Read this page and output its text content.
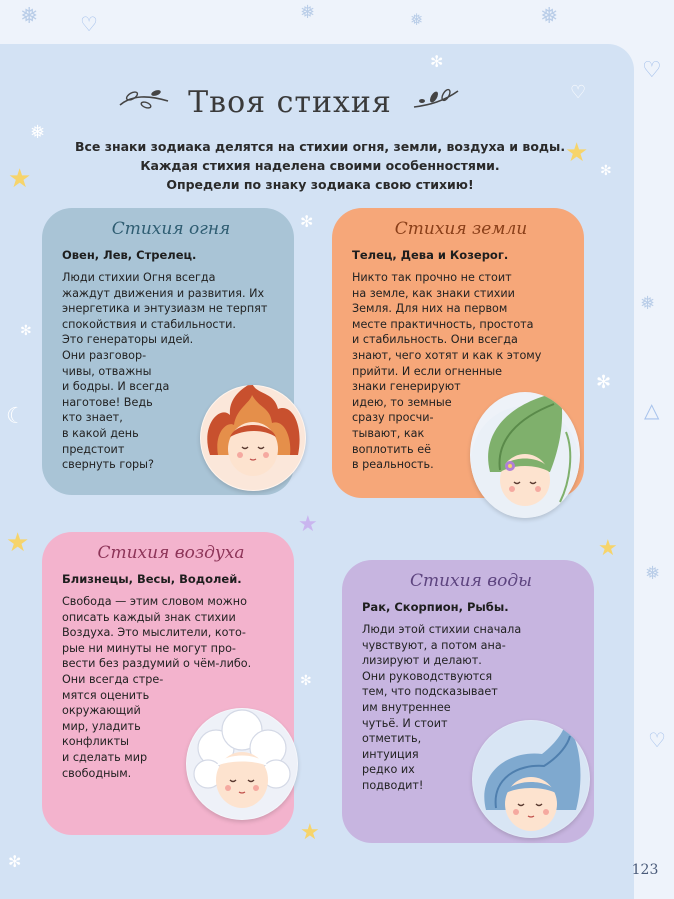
❅	❅	❅	❅
♡
♡
❅
△
❅
♡
❅
✻
✻
✻
✻
☾
✻
✻
✻
♡
★
★
★
★
★
★
Твоя стихия
Все знаки зодиака делятся на стихии огня, земли, воздуха и воды.
Каждая стихия наделена своими особенностями.
Определи по знаку зодиака свою стихию!
Стихия огня
Овен, Лев, Стрелец.
Люди стихии Огня всегда
жаждут движения и развития. Их
энергетика и энтузиазм не терпят
спокойствия и стабильности.
Это генераторы идей.
Они разговор-
чивы, отважны
и бодры. И всегда
наготове! Ведь
кто знает,
в какой день
предстоит
свернуть горы?
Стихия земли
Телец, Дева и Козерог.
Никто так прочно не стоит
на земле, как знаки стихии
Земля. Для них на первом
месте практичность, простота
и стабильность. Они всегда
знают, чего хотят и как к этому
прийти. И если огненные
знаки генерируют
идею, то земные
сразу просчи-
тывают, как
воплотить её
в реальность.
Стихия воздуха
Близнецы, Весы, Водолей.
Свобода — этим словом можно
описать каждый знак стихии
Воздуха. Это мыслители, кото-
рые ни минуты не могут про-
вести без раздумий о чём-либо.
Они всегда стре-
мятся оценить
окружающий
мир, уладить
конфликты
и сделать мир
свободным.
Стихия воды
Рак, Скорпион, Рыбы.
Люди этой стихии сначала
чувствуют, а потом ана-
лизируют и делают.
Они руководствуются
тем, что подсказывает
им внутреннее
чутьё. И стоит
отметить,
интуиция
редко их
подводит!
123
